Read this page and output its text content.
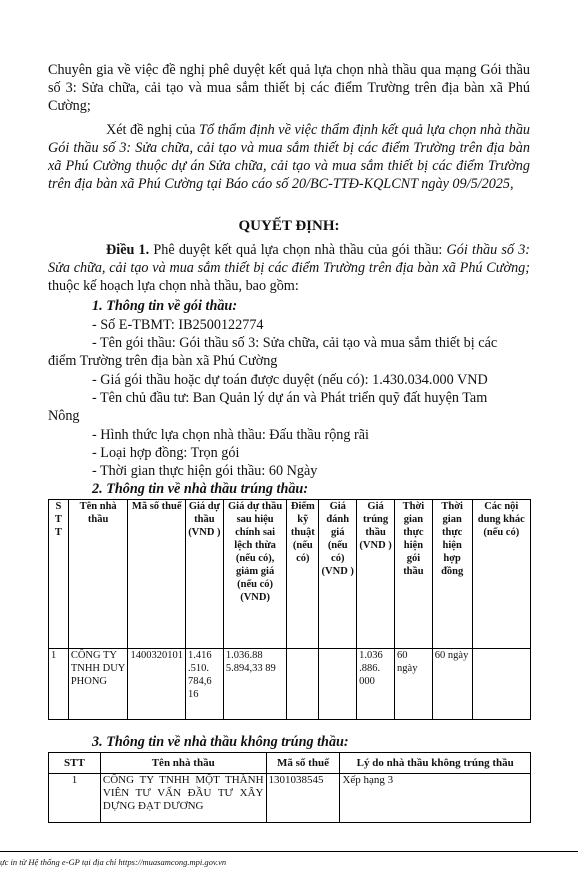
Chuyên gia về việc đề nghị phê duyệt kết quả lựa chọn nhà thầu qua mạng Gói thầu số 3: Sửa chữa, cải tạo và mua sắm thiết bị các điểm Trường trên địa bàn xã Phú Cường;

Xét đề nghị của Tổ thẩm định về việc thẩm định kết quả lựa chọn nhà thầu Gói thầu số 3: Sửa chữa, cải tạo và mua sắm thiết bị các điểm Trường trên địa bàn xã Phú Cường thuộc dự án Sửa chữa, cải tạo và mua sắm thiết bị các điểm Trường trên địa bàn xã Phú Cường tại Báo cáo số 20/BC-TTĐ-KQLCNT ngày 09/5/2025,

QUYẾT ĐỊNH:

Điều 1. Phê duyệt kết quả lựa chọn nhà thầu của gói thầu: Gói thầu số 3: Sửa chữa, cải tạo và mua sắm thiết bị các điểm Trường trên địa bàn xã Phú Cường; thuộc kế hoạch lựa chọn nhà thầu, bao gồm:

1. Thông tin về gói thầu:
- Số E-TBMT: IB2500122774
- Tên gói thầu: Gói thầu số 3: Sửa chữa, cải tạo và mua sắm thiết bị các
điểm Trường trên địa bàn xã Phú Cường
- Giá gói thầu hoặc dự toán được duyệt (nếu có): 1.430.034.000 VND
- Tên chủ đầu tư: Ban Quản lý dự án và Phát triển quỹ đất huyện Tam
Nông
- Hình thức lựa chọn nhà thầu: Đấu thầu rộng rãi
- Loại hợp đồng: Trọn gói
- Thời gian thực hiện gói thầu: 60 Ngày
2. Thông tin về nhà thầu trúng thầu:
S T T	Tên nhà thầu	Mã số thuế	Giá dự thầu (VND )	Giá dự thầu sau hiệu chính sai lệch thừa (nếu có), giảm giá (nếu có) (VND)	Điểm kỹ thuật (nếu có)	Giá đánh giá (nếu có) (VND )	Giá trúng thầu (VND )	Thời gian thực hiện gói thầu	Thời gian thực hiện hợp đồng	Các nội dung khác (nếu có)
1	CÔNG TY TNHH DUY PHONG	1400320101	1.416 .510. 784,6 16	1.036.88 5.894,33 89			1.036 .886. 000	60 ngày	60 ngày	
3. Thông tin về nhà thầu không trúng thầu:
STT	Tên nhà thầu	Mã số thuế	Lý do nhà thầu không trúng thầu
1	CÔNG TY TNHH MỘT THÀNH VIÊN TƯ VẤN ĐẦU TƯ XÂY DỰNG ĐẠT DƯƠNG	1301038545	Xếp hạng 3
ực in từ Hệ thống e-GP tại địa chỉ https://muasamcong.mpi.gov.vn
